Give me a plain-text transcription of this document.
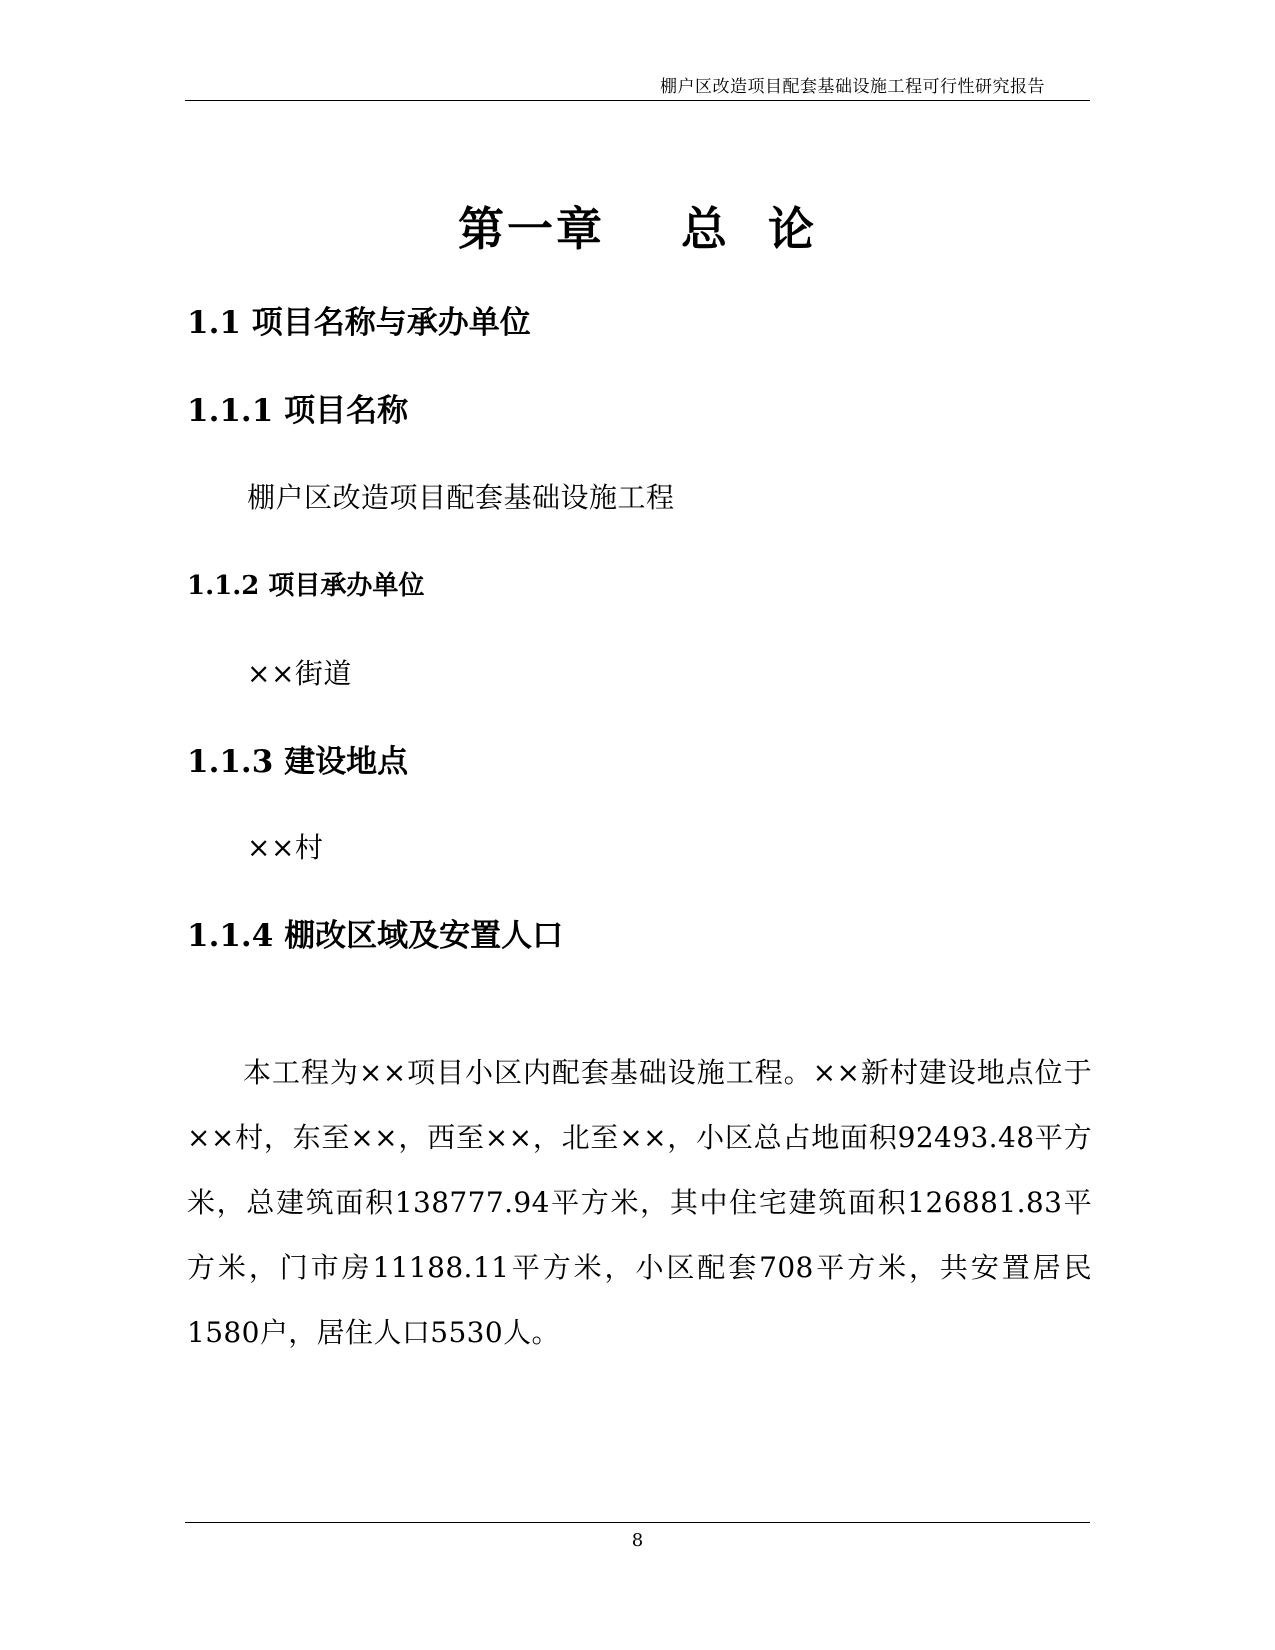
棚户区改造项目配套基础设施工程可行性研究报告
第一章    总  论
1.1 项目名称与承办单位
1.1.1 项目名称
棚户区改造项目配套基础设施工程
1.1.2 项目承办单位
××街道
1.1.3 建设地点
××村
1.1.4 棚改区域及安置人口
本工程为××项目小区内配套基础设施工程。××新村建设地点位于××村，东至××，西至××，北至××，小区总占地面积92493.48平方米，总建筑面积138777.94平方米，其中住宅建筑面积126881.83平方米，门市房11188.11平方米，小区配套708平方米，共安置居民1580户，居住人口5530人。
8
